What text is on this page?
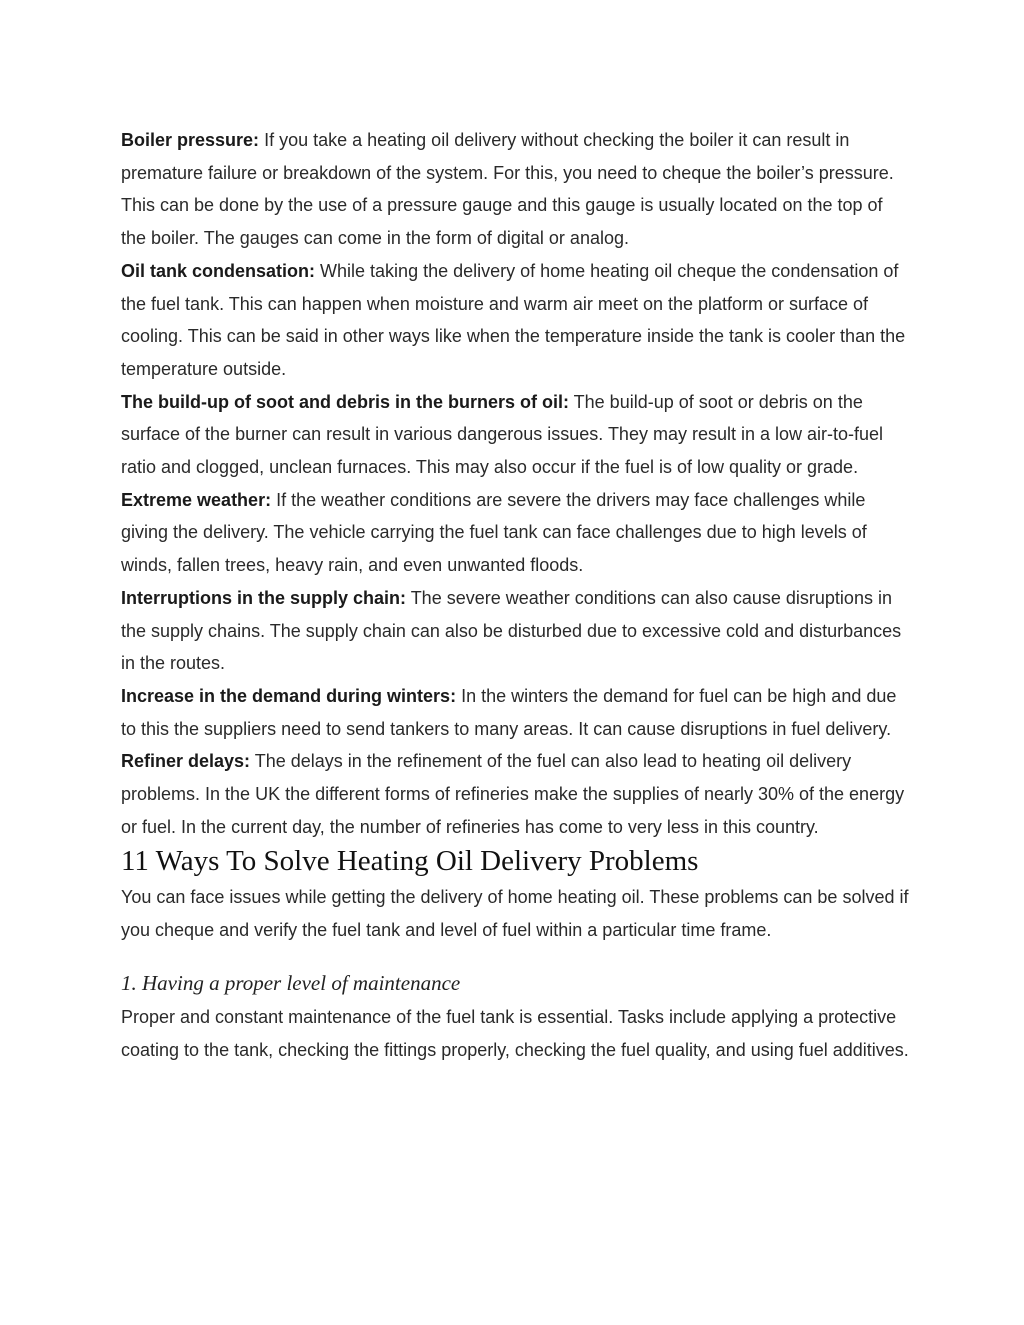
Boiler pressure: If you take a heating oil delivery without checking the boiler it can result in premature failure or breakdown of the system. For this, you need to cheque the boiler’s pressure. This can be done by the use of a pressure gauge and this gauge is usually located on the top of the boiler. The gauges can come in the form of digital or analog.

Oil tank condensation: While taking the delivery of home heating oil cheque the condensation of the fuel tank. This can happen when moisture and warm air meet on the platform or surface of cooling. This can be said in other ways like when the temperature inside the tank is cooler than the temperature outside.

The build-up of soot and debris in the burners of oil: The build-up of soot or debris on the surface of the burner can result in various dangerous issues. They may result in a low air-to-fuel ratio and clogged, unclean furnaces. This may also occur if the fuel is of low quality or grade.

Extreme weather: If the weather conditions are severe the drivers may face challenges while giving the delivery. The vehicle carrying the fuel tank can face challenges due to high levels of winds, fallen trees, heavy rain, and even unwanted floods.

Interruptions in the supply chain: The severe weather conditions can also cause disruptions in the supply chains. The supply chain can also be disturbed due to excessive cold and disturbances in the routes.

Increase in the demand during winters: In the winters the demand for fuel can be high and due to this the suppliers need to send tankers to many areas. It can cause disruptions in fuel delivery.

Refiner delays: The delays in the refinement of the fuel can also lead to heating oil delivery problems. In the UK the different forms of refineries make the supplies of nearly 30% of the energy or fuel. In the current day, the number of refineries has come to very less in this country.

11 Ways To Solve Heating Oil Delivery Problems

You can face issues while getting the delivery of home heating oil. These problems can be solved if you cheque and verify the fuel tank and level of fuel within a particular time frame.

1. Having a proper level of maintenance

Proper and constant maintenance of the fuel tank is essential. Tasks include applying a protective coating to the tank, checking the fittings properly, checking the fuel quality, and using fuel additives.
